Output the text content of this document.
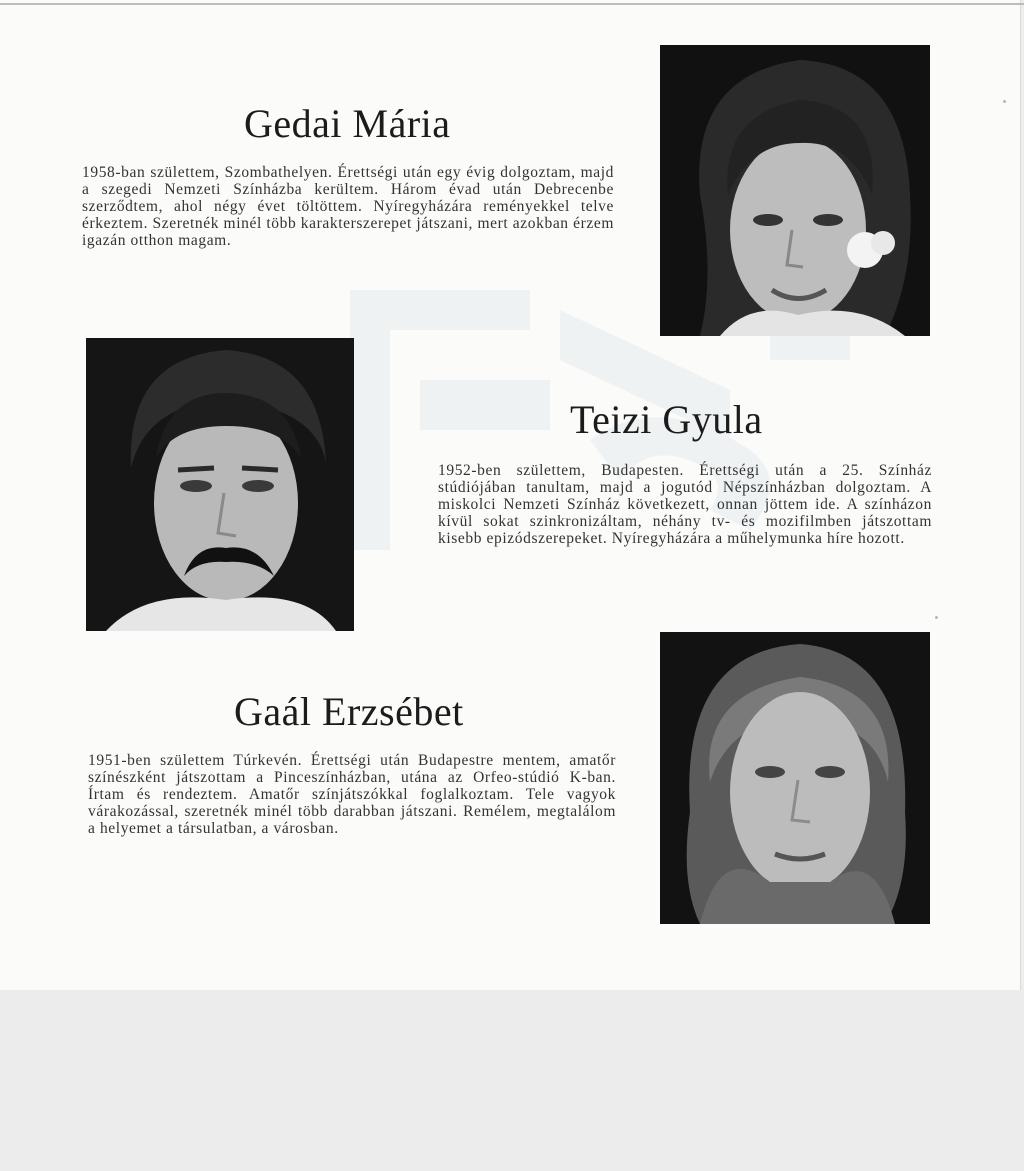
Gedai Mária

1958-ban születtem, Szombathelyen. Érettségi után egy évig dolgoztam, majd a szegedi Nemzeti Színházba kerültem. Három évad után Debrecenbe szerződtem, ahol négy évet töltöttem. Nyíregyházára reményekkel telve érkeztem. Szeretnék minél több karakterszerepet játszani, mert azokban érzem igazán otthon magam.

Teizi Gyula

1952-ben születtem, Budapesten. Érettségi után a 25. Színház stúdiójában tanultam, majd a jogutód Népszínházban dolgoztam. A miskolci Nemzeti Színház következett, onnan jöttem ide. A színházon kívül sokat szinkronizáltam, néhány tv- és mozifilmben játszottam kisebb epizódszerepeket. Nyíregyházára a műhelymunka híre hozott.

Gaál Erzsébet

1951-ben születtem Túrkevén. Érettségi után Budapestre mentem, amatőr színészként játszottam a Pinceszínházban, utána az Orfeo-stúdió K-ban. Írtam és rendeztem. Amatőr színjátszókkal foglalkoztam. Tele vagyok várakozással, szeretnék minél több darabban játszani. Remélem, megtalálom a helyemet a társulatban, a városban.
